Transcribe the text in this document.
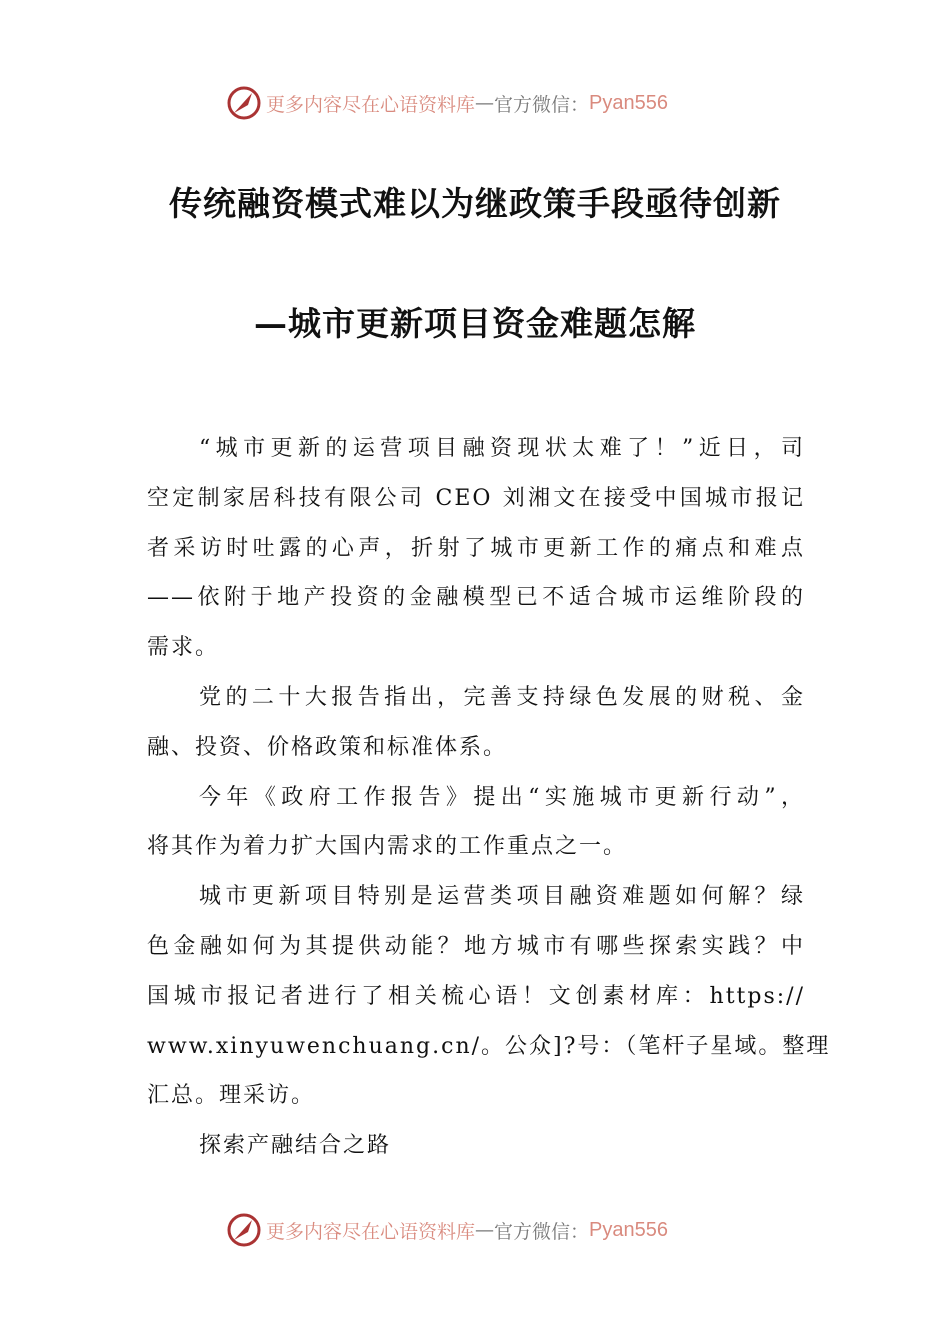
更多内容尽在心语资料库 — 官方微信： Pyan556
传统融资模式难以为继政策手段亟待创新
—城市更新项目资金难题怎解
“城市更新的运营项目融资现状太难了！”近日，司
空定制家居科技有限公司 CEO 刘湘文在接受中国城市报记
者采访时吐露的心声，折射了城市更新工作的痛点和难点
——依附于地产投资的金融模型已不适合城市运维阶段的
需求。
党的二十大报告指出，完善支持绿色发展的财税、金
融、投资、价格政策和标准体系。
今年《政府工作报告》提出“实施城市更新行动”，
将其作为着力扩大国内需求的工作重点之一。
城市更新项目特别是运营类项目融资难题如何解？绿
色金融如何为其提供动能？地方城市有哪些探索实践？中
国城市报记者进行了相关梳心语！文创素材库：https://
www.xinyuwenchuang.cn/。公众]?号：（笔杆子星域。整理
汇总。理采访。
探索产融结合之路
更多内容尽在心语资料库 — 官方微信： Pyan556
